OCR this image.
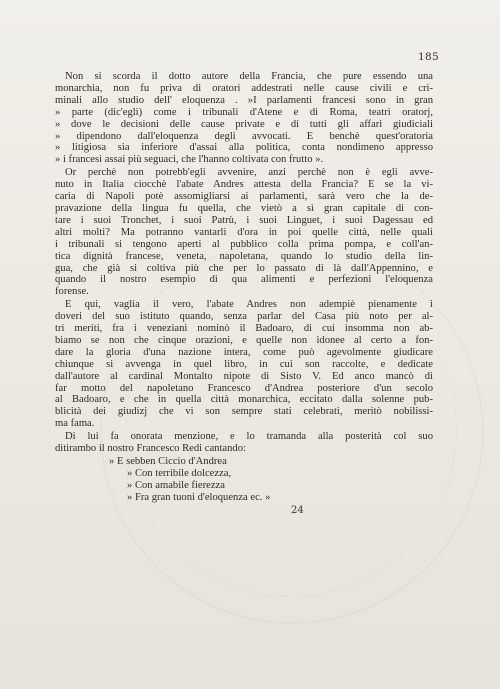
185
Non si scorda il dotto autore della Francia, che pure essendo una
monarchia, non fu priva di oratori addestrati nelle cause civili e cri-
minali allo studio dell' eloquenza . »I parlamenti francesi sono in gran
» parte (dic'egli) come i tribunali d'Atene e di Roma, teatri oratorj,
» dove le decisioni delle cause private e di tutti gli affari giudiciali
» dipendono dall'eloquenza degli avvocati. E benchè quest'oratoria
» litigiosa sia inferiore d'assai alla politica, conta nondimeno appresso
» i francesi assai più seguaci, che l'hanno coltivata con frutto ».
Or perchè non potrebb'egli avvenire, anzi perchè non è egli avve-
nuto in Italia ciocchè l'abate Andres attesta della Francia? E se la vi-
caria di Napoli potè assomigliarsi ai parlamenti, sarà vero che la de-
pravazione della lingua fu quella, che vietò a sì gran capitale di con-
tare i suoi Tronchet, i suoi Patrù, i suoi Linguet, i suoi Dagessau ed
altri molti? Ma potranno vantarli d'ora in poi quelle città, nelle quali
i tribunali si tengono aperti al pubblico colla prima pompa, e coll'an-
tica dignità francese, veneta, napoletana, quando lo studio della lin-
gua, che già si coltiva più che per lo passato di là dall'Appennino, e
quando il nostro esempio di qua alimenti e perfezioni l'eloquenza
forense.
E qui, vaglia il vero, l'abate Andres non adempiè pienamente i
doveri del suo istituto quando, senza parlar del Casa più noto per al-
tri meriti, fra i veneziani nominò il Badoaro, di cui insomma non ab-
biamo se non che cinque orazioni, e quelle non idonee al certo a fon-
dare la gloria d'una nazione intera, come può agevolmente giudicare
chiunque si avvenga in quel libro, in cui son raccolte, e dedicate
dall'autore al cardinal Montalto nipote di Sisto V. Ed anco mancò di
far motto del napoletano Francesco d'Andrea posteriore d'un secolo
al Badoaro, e che in quella città monarchica, eccitato dalla solenne pub-
blicità dei giudizj che vi son sempre stati celebrati, meritò nobilissi-
ma fama.
Di lui fa onorata menzione, e lo tramanda alla posterità col suo
ditirambo il nostro Francesco Redi cantando:
» E sebben Ciccio d'Andrea
» Con terribile dolcezza,
» Con amabile fierezza
» Fra gran tuoni d'eloquenza ec. »
24
